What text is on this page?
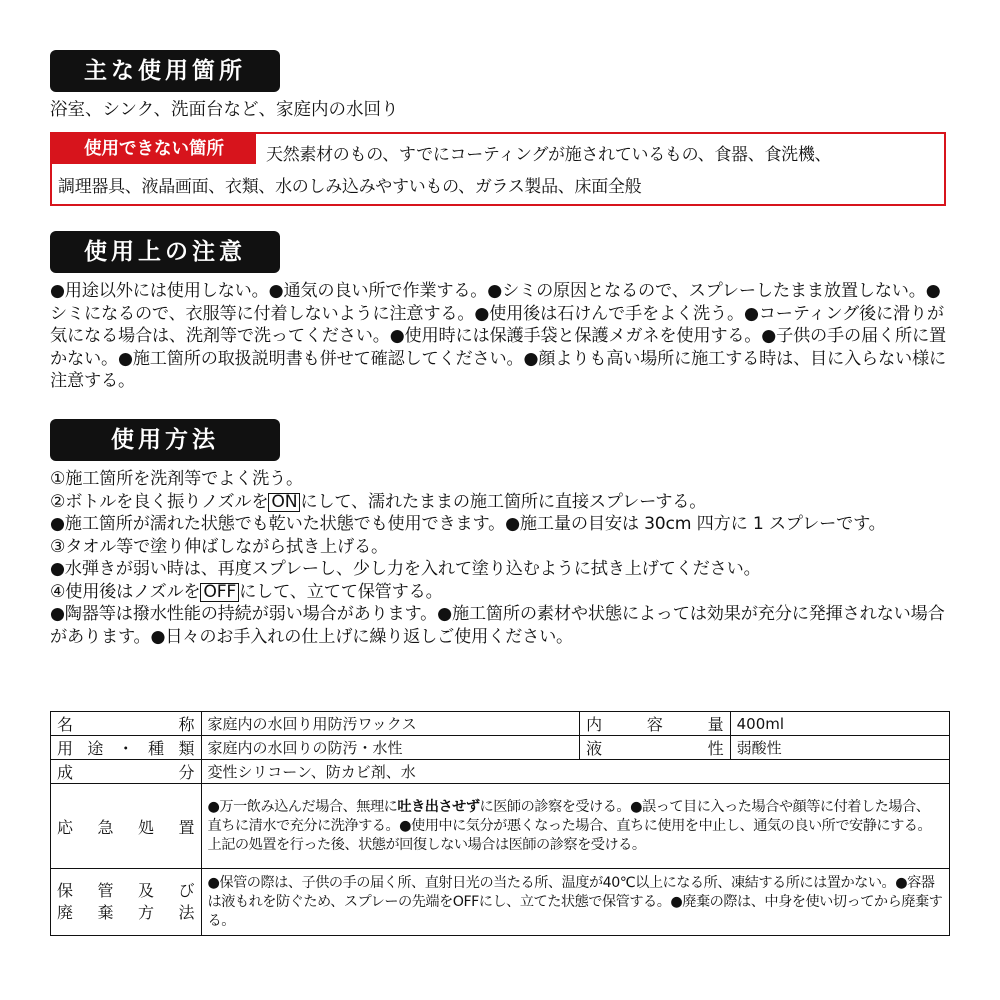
主な使用箇所
浴室、シンク、洗面台など、家庭内の水回り
使用できない箇所	天然素材のもの、すでにコーティングが施されているもの、食器、食洗機、
調理器具、液晶画面、衣類、水のしみ込みやすいもの、ガラス製品、床面全般
使用上の注意
●用途以外には使用しない。●通気の良い所で作業する。●シミの原因となるので、スプレーしたまま放置しない。●シミになるので、衣服等に付着しないように注意する。●使用後は石けんで手をよく洗う。●コーティング後に滑りが気になる場合は、洗剤等で洗ってください。●使用時には保護手袋と保護メガネを使用する。●子供の手の届く所に置かない。●施工箇所の取扱説明書も併せて確認してください。●顔よりも高い場所に施工する時は、目に入らない様に注意する。
使用方法
①施工箇所を洗剤等でよく洗う。
②ボトルを良く振りノズルを ON にして、濡れたままの施工箇所に直接スプレーする。
●施工箇所が濡れた状態でも乾いた状態でも使用できます。●施工量の目安は 30cm 四方に 1 スプレーです。
③タオル等で塗り伸ばしながら拭き上げる。
●水弾きが弱い時は、再度スプレーし、少し力を入れて塗り込むように拭き上げてください。
④使用後はノズルを OFF にして、立てて保管する。
●陶器等は撥水性能の持続が弱い場合があります。●施工箇所の素材や状態によっては効果が充分に発揮されない場合があります。●日々のお手入れの仕上げに繰り返しご使用ください。
名称	家庭内の水回り用防汚ワックス	内容量	400ml
用途・種類	家庭内の水回りの防汚・水性	液性	弱酸性
成分	変性シリコーン、防カビ剤、水		
応急処置	●万一飲み込んだ場合、無理に吐き出させずに医師の診察を受ける。●誤って目に入った場合や顔等に付着した場合、直ちに清水で充分に洗浄する。●使用中に気分が悪くなった場合、直ちに使用を中止し、通気の良い所で安静にする。上記の処置を行った後、状態が回復しない場合は医師の診察を受ける。		

保管及び
廃棄方法	●保管の際は、子供の手の届く所、直射日光の当たる所、温度が40℃以上になる所、凍結する所には置かない。●容器は液もれを防ぐため、スプレーの先端をOFFにし、立てた状態で保管する。●廃棄の際は、中身を使い切ってから廃棄する。		
